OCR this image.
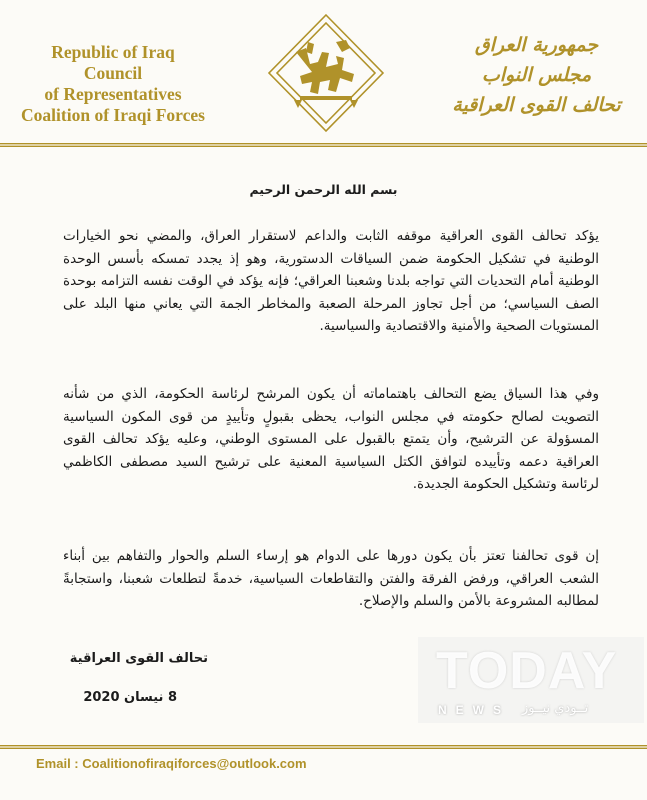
Republic of Iraq
Council
of Representatives
Coalition of Iraqi Forces
جمهورية العراق
مجلس النواب
تحالف القوى العراقية
بسم الله الرحمن الرحيم
يؤكد تحالف القوى العراقية موقفه الثابت والداعم لاستقرار العراق، والمضي نحو الخيارات الوطنية في تشكيل الحكومة ضمن السياقات الدستورية، وهو إذ يجدد تمسكه بأسس الوحدة الوطنية أمام التحديات التي تواجه بلدنا وشعبنا العراقي؛ فإنه يؤكد في الوقت نفسه التزامه بوحدة الصف السياسي؛ من أجل تجاوز المرحلة الصعبة والمخاطر الجمة التي يعاني منها البلد على المستويات الصحية والأمنية والاقتصادية والسياسية.
وفي هذا السياق يضع التحالف باهتماماته أن يكون المرشح لرئاسة الحكومة، الذي من شأنه التصويت لصالح حكومته في مجلس النواب، يحظى بقبولٍ وتأييدٍ من قوى المكون السياسية المسؤولة عن الترشيح، وأن يتمتع بالقبول على المستوى الوطني، وعليه يؤكد تحالف القوى العراقية دعمه وتأييده لتوافق الكتل السياسية المعنية على ترشيح السيد مصطفى الكاظمي لرئاسة وتشكيل الحكومة الجديدة.
إن قوى تحالفنا تعتز بأن يكون دورها على الدوام هو إرساء السلم والحوار والتفاهم بين أبناء الشعب العراقي، ورفض الفرقة والفتن والتقاطعات السياسية، خدمةً لتطلعات شعبنا، واستجابةً لمطالبه المشروعة بالأمن والسلم والإصلاح.
تحالف القوى العراقية
8 نيسان 2020	TODAY
NEWS تــودي نيــوز
Email : Coalitionofiraqiforces@outlook.com
